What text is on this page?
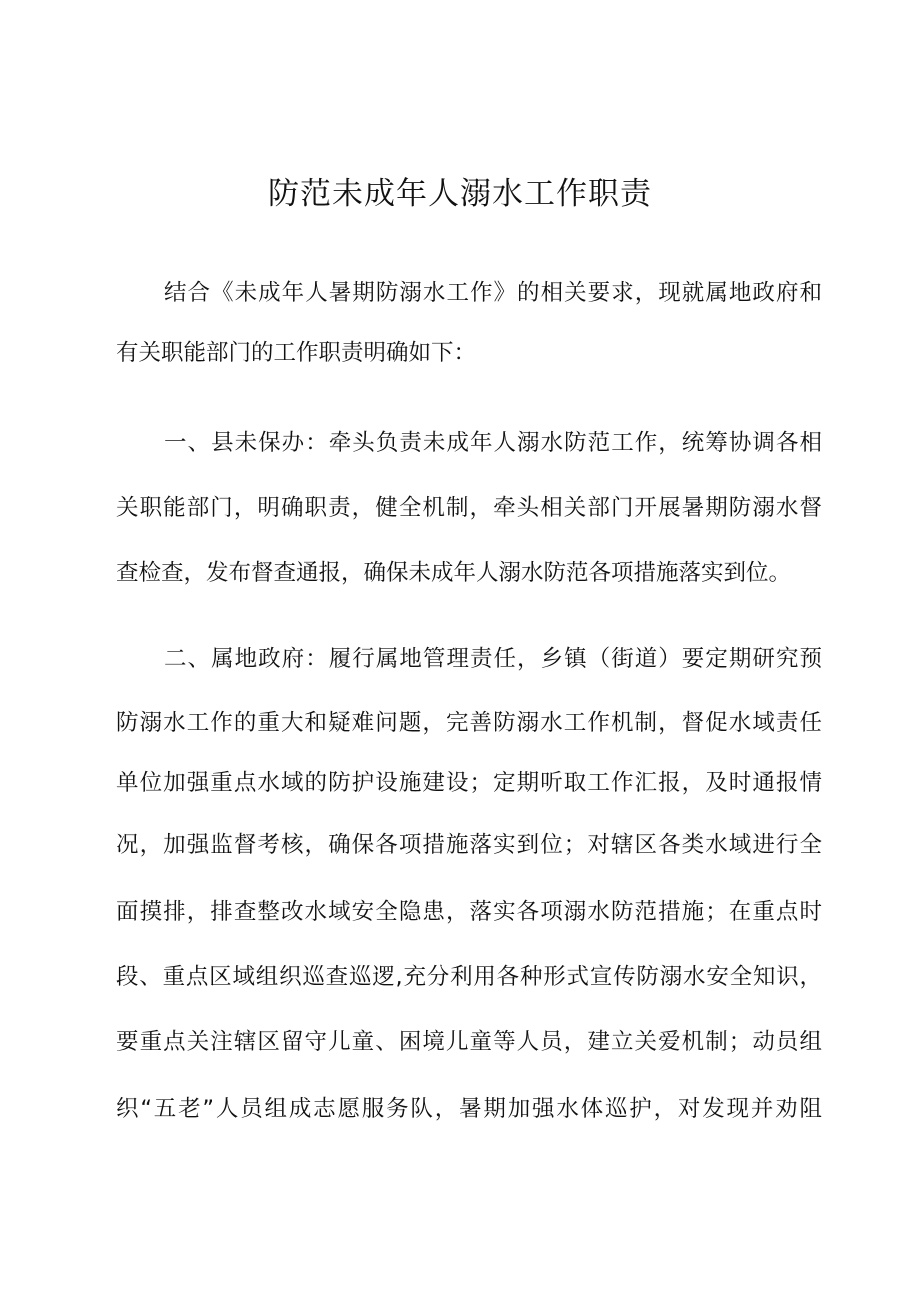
防范未成年人溺水工作职责

结合《未成年人暑期防溺水工作》的相关要求，现就属地政府和

有关职能部门的工作职责明确如下：

一、县未保办：牵头负责未成年人溺水防范工作，统筹协调各相

关职能部门，明确职责，健全机制，牵头相关部门开展暑期防溺水督

查检查，发布督查通报，确保未成年人溺水防范各项措施落实到位。

二、属地政府：履行属地管理责任，乡镇（街道）要定期研究预

防溺水工作的重大和疑难问题，完善防溺水工作机制，督促水域责任

单位加强重点水域的防护设施建设；定期听取工作汇报，及时通报情

况，加强监督考核，确保各项措施落实到位；对辖区各类水域进行全

面摸排，排查整改水域安全隐患，落实各项溺水防范措施；在重点时

段、重点区域组织巡查巡逻,充分利用各种形式宣传防溺水安全知识，

要重点关注辖区留守儿童、困境儿童等人员，建立关爱机制；动员组

织“五老”人员组成志愿服务队，暑期加强水体巡护，对发现并劝阻
